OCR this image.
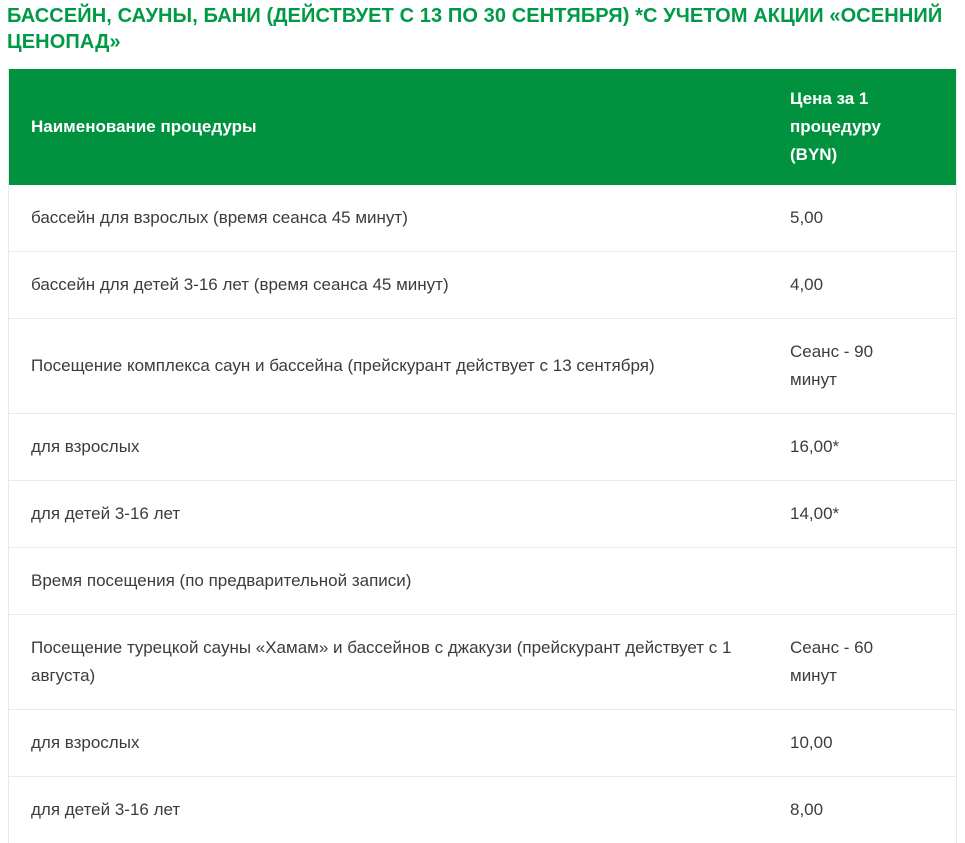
БАССЕЙН, САУНЫ, БАНИ (ДЕЙСТВУЕТ С 13 ПО 30 СЕНТЯБРЯ) *С УЧЕТОМ АКЦИИ «ОСЕННИЙ ЦЕНОПАД»
Наименование процедуры	Цена за 1 процедуру (BYN)
бассейн для взрослых (время сеанса 45 минут)	5,00
бассейн для детей 3-16 лет (время сеанса 45 минут)	4,00
Посещение комплекса саун и бассейна (прейскурант действует с 13 сентября)	Сеанс - 90 минут
для взрослых	16,00*
для детей 3-16 лет	14,00*
Время посещения (по предварительной записи)	
Посещение турецкой сауны «Хамам» и бассейнов с джакузи (прейскурант действует с 1 августа)	Сеанс - 60 минут
для взрослых	10,00
для детей 3-16 лет	8,00
